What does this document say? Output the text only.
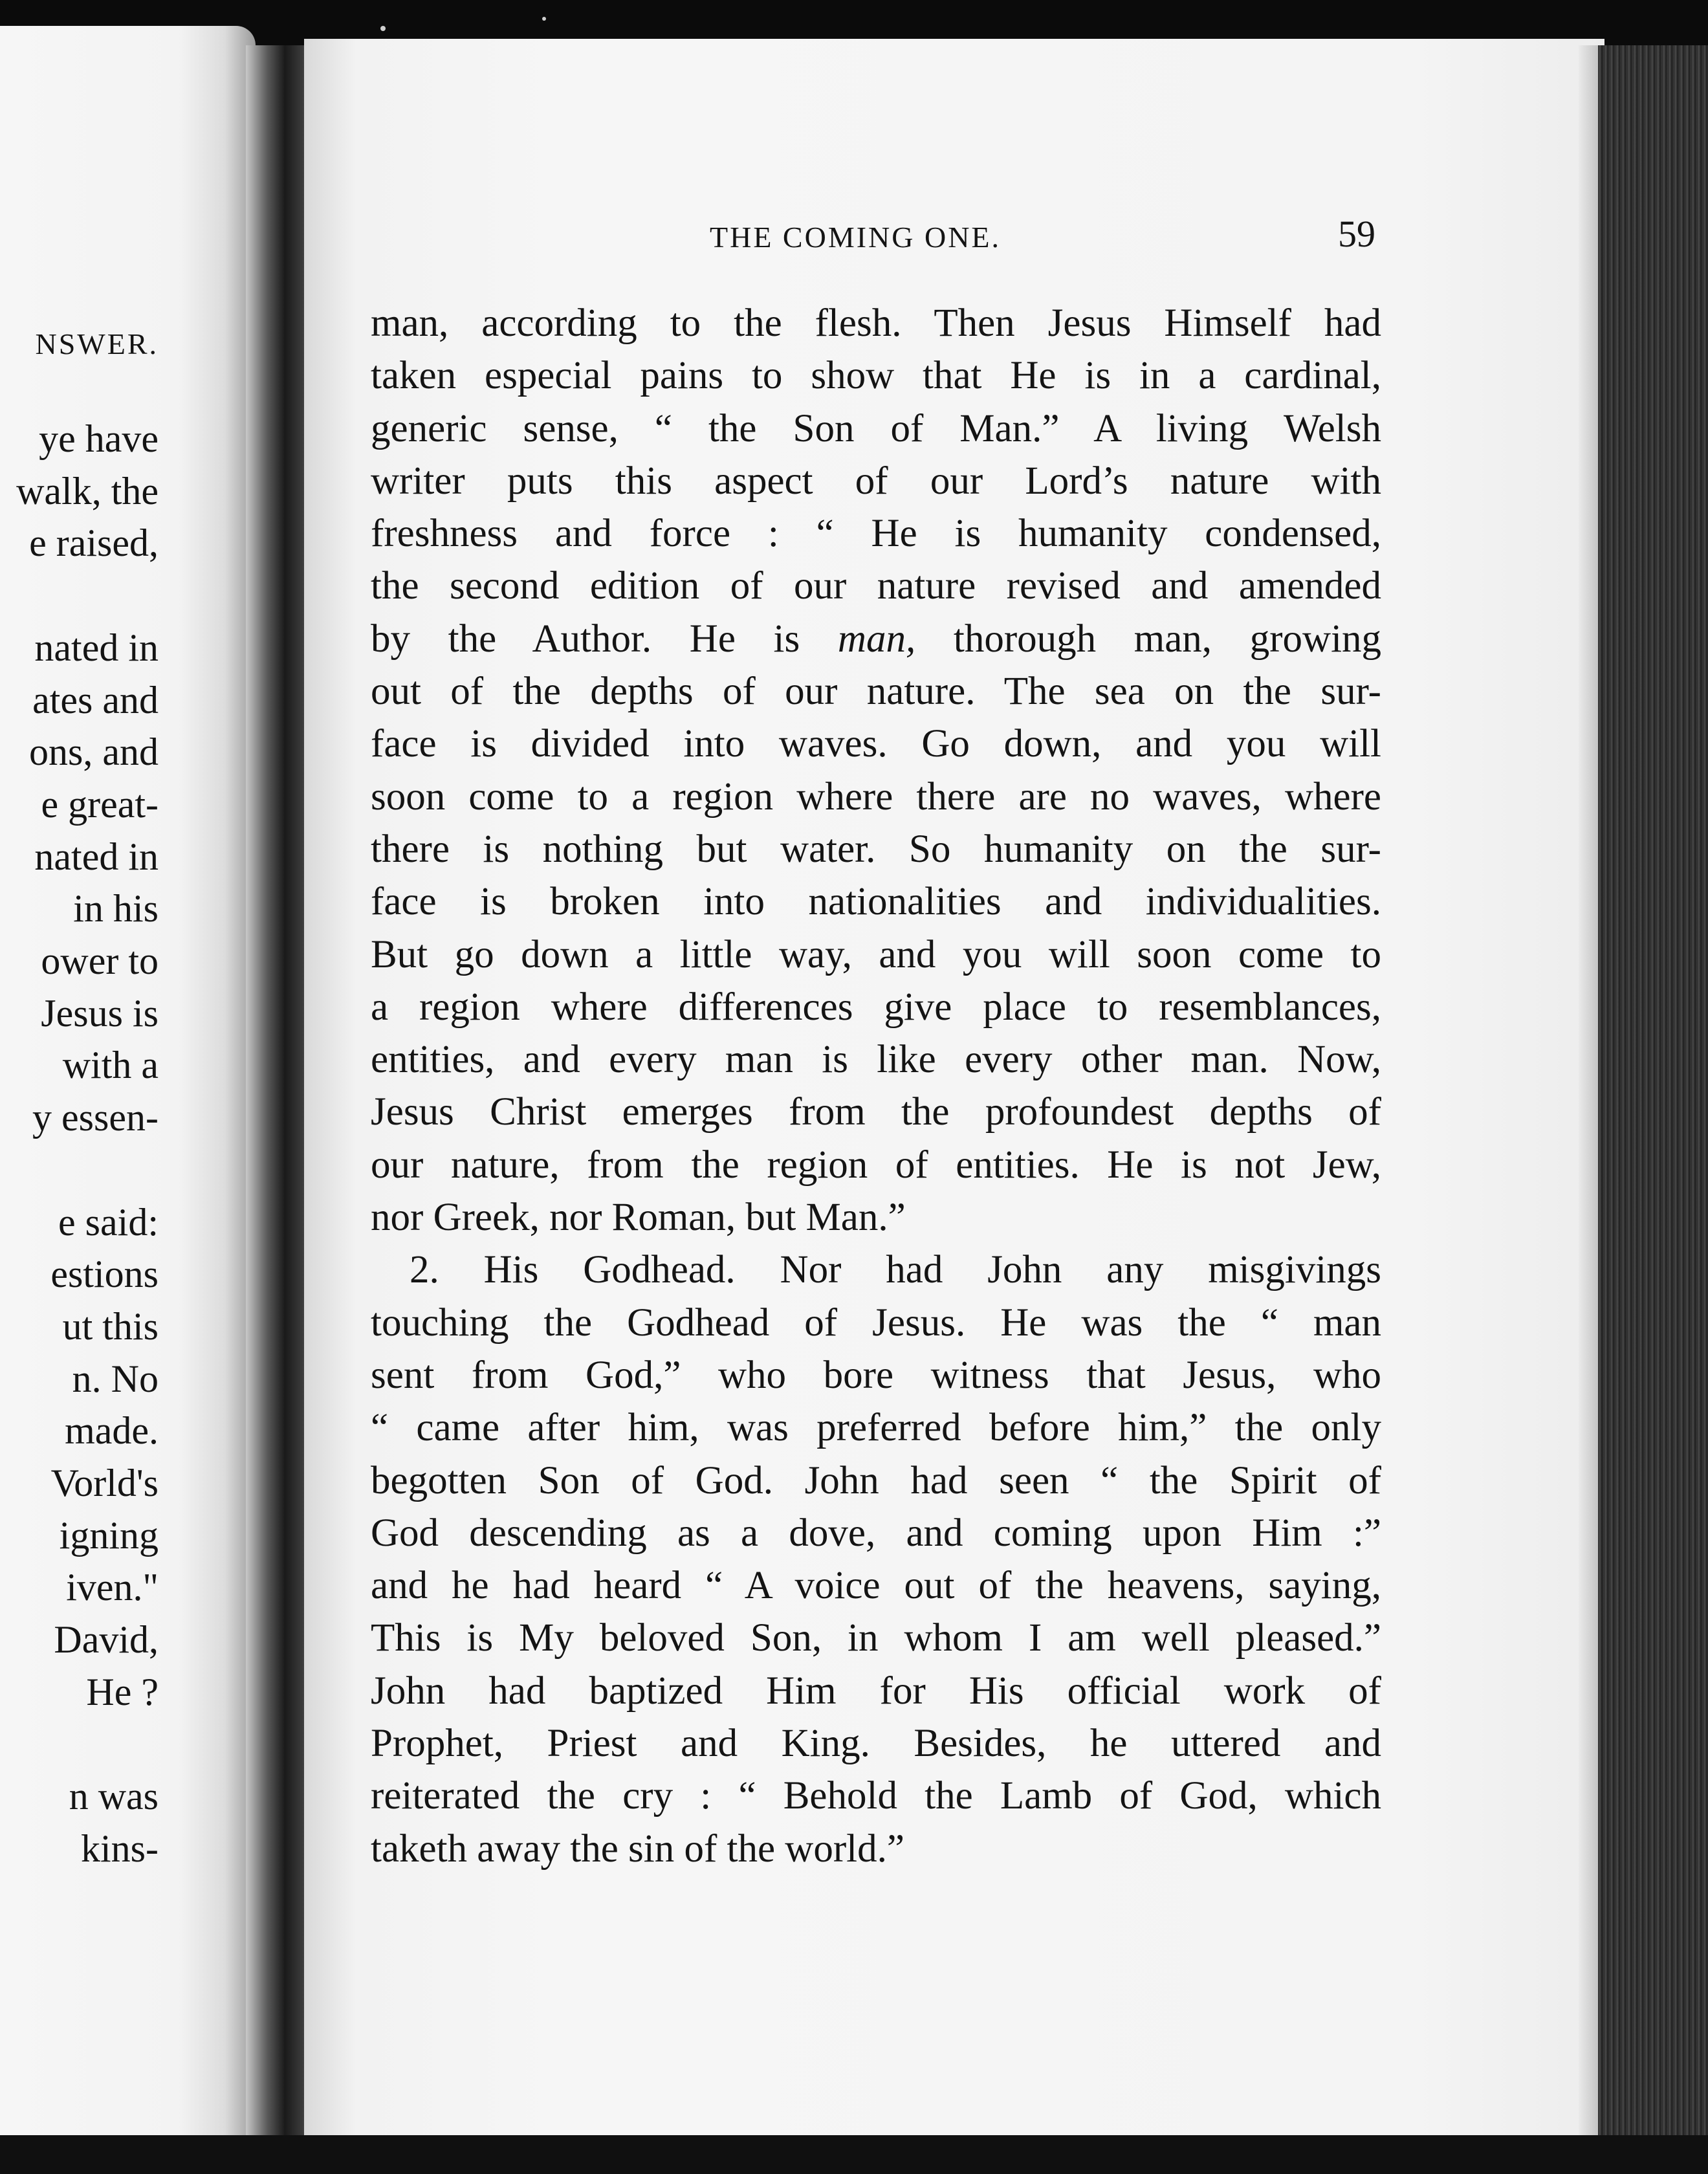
NSWER.
ye have
walk, the
e raised,
nated in
ates and
ons, and
e great-
nated in
in his
ower to
Jesus is
with a
y essen-
e said:
estions
ut this
n. No
made.
Vorld's
igning
iven."
David,
He ?
n was
kins-
THE COMING ONE.	59
man, according to the flesh. Then Jesus Himself had
taken especial pains to show that He is in a cardinal,
generic sense, “ the Son of Man.” A living Welsh
writer puts this aspect of our Lord’s nature with
freshness and force : “ He is humanity condensed,
the second edition of our nature revised and amended
by the Author. He is man, thorough man, growing
out of the depths of our nature. The sea on the sur-
face is divided into waves. Go down, and you will
soon come to a region where there are no waves, where
there is nothing but water. So humanity on the sur-
face is broken into nationalities and individualities.
But go down a little way, and you will soon come to
a region where differences give place to resemblances,
entities, and every man is like every other man. Now,
Jesus Christ emerges from the profoundest depths of
our nature, from the region of entities. He is not Jew,
nor Greek, nor Roman, but Man.”
2. His Godhead. Nor had John any misgivings
touching the Godhead of Jesus. He was the “ man
sent from God,” who bore witness that Jesus, who
“ came after him, was preferred before him,” the only
begotten Son of God. John had seen “ the Spirit of
God descending as a dove, and coming upon Him :”
and he had heard “ A voice out of the heavens, saying,
This is My beloved Son, in whom I am well pleased.”
John had baptized Him for His official work of
Prophet, Priest and King. Besides, he uttered and
reiterated the cry : “ Behold the Lamb of God, which
taketh away the sin of the world.”
